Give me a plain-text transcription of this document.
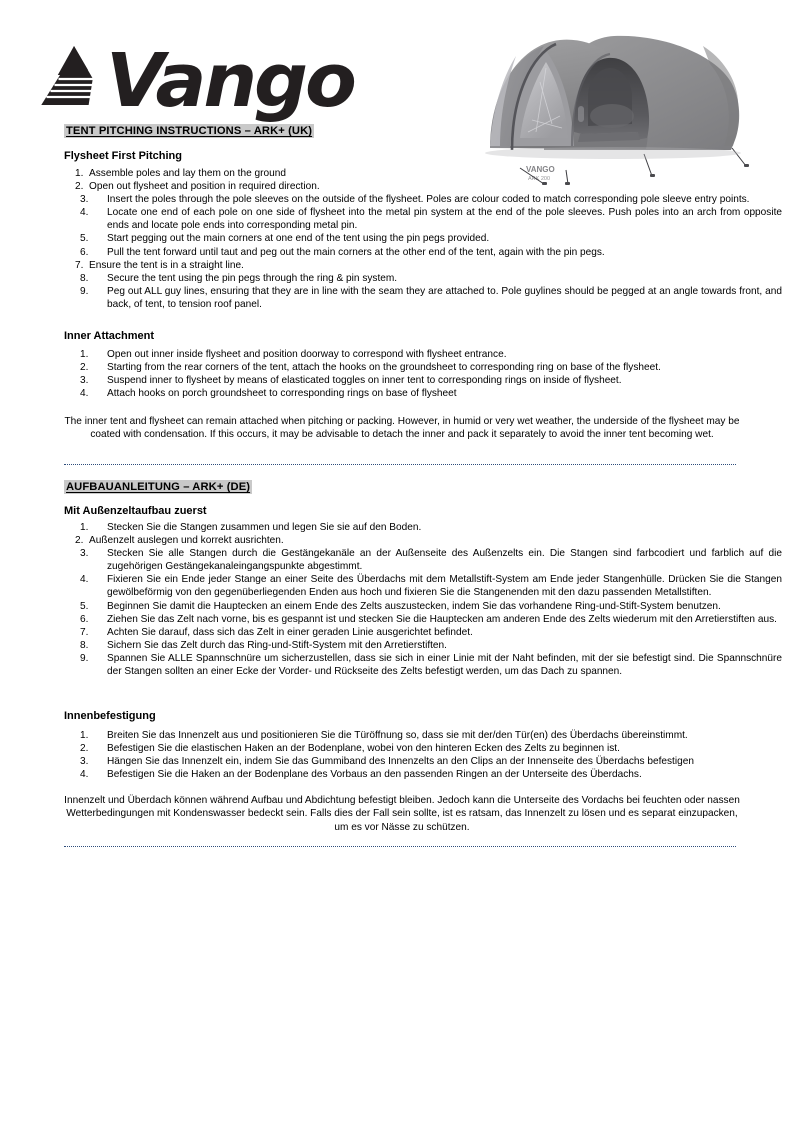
Vango
VANGO
ARK 200
TENT PITCHING INSTRUCTIONS – ARK+ (UK)
Flysheet First Pitching
1. Assemble poles and lay them on the ground
2. Open out flysheet and position in required direction.
3.	Insert the poles through the pole sleeves on the outside of the flysheet. Poles are colour coded to match corresponding pole sleeve entry points.
4.	Locate one end of each pole on one side of flysheet into the metal pin system at the end of the pole sleeves. Push poles into an arch from opposite ends and locate pole ends into corresponding metal pin.
5.	Start pegging out the main corners at one end of the tent using the pin pegs provided.
6.	Pull the tent forward until taut and peg out the main corners at the other end of the tent, again with the pin pegs.
7. Ensure the tent is in a straight line.
8.	Secure the tent using the pin pegs through the ring & pin system.
9.	Peg out ALL guy lines, ensuring that they are in line with the seam they are attached to. Pole guylines should be pegged at an angle towards front, and back, of tent, to tension roof panel.
Inner Attachment
1.	Open out inner inside flysheet and position doorway to correspond with flysheet entrance.
2.	Starting from the rear corners of the tent, attach the hooks on the groundsheet to corresponding ring on base of the flysheet.
3.	Suspend inner to flysheet by means of elasticated toggles on inner tent to corresponding rings on inside of flysheet.
4.	Attach hooks on porch groundsheet to corresponding rings on base of flysheet
The inner tent and flysheet can remain attached when pitching or packing. However, in humid or very wet weather, the underside of the flysheet may be coated with condensation. If this occurs, it may be advisable to detach the inner and pack it separately to avoid the inner tent becoming wet.
AUFBAUANLEITUNG – ARK+ (DE)
Mit Außenzeltaufbau zuerst
1.	Stecken Sie die Stangen zusammen und legen Sie sie auf den Boden.
2. Außenzelt auslegen und korrekt ausrichten.
3.	Stecken Sie alle Stangen durch die Gestängekanäle an der Außenseite des Außenzelts ein. Die Stangen sind farbcodiert und farblich auf die zugehörigen Gestängekanaleingangspunkte abgestimmt.
4.	Fixieren Sie ein Ende jeder Stange an einer Seite des Überdachs mit dem Metallstift-System am Ende jeder Stangenhülle. Drücken Sie die Stangen gewölbeförmig von den gegenüberliegenden Enden aus hoch und fixieren Sie die Stangenenden mit den dazu passenden Metallstiften.
5.	Beginnen Sie damit die Hauptecken an einem Ende des Zelts auszustecken, indem Sie das vorhandene Ring-und-Stift-System benutzen.
6.	Ziehen Sie das Zelt nach vorne, bis es gespannt ist und stecken Sie die Hauptecken am anderen Ende des Zelts wiederum mit den Arretierstiften aus.
7.	Achten Sie darauf, dass sich das Zelt in einer geraden Linie ausgerichtet befindet.
8.	Sichern Sie das Zelt durch das Ring-und-Stift-System mit den Arretierstiften.
9.	Spannen Sie ALLE Spannschnüre um sicherzustellen, dass sie sich in einer Linie mit der Naht befinden, mit der sie befestigt sind. Die Spannschnüre der Stangen sollten an einer Ecke der Vorder- und Rückseite des Zelts befestigt werden, um das Dach zu spannen.
Innenbefestigung
1.	Breiten Sie das Innenzelt aus und positionieren Sie die Türöffnung so, dass sie mit der/den Tür(en) des Überdachs übereinstimmt.
2.	Befestigen Sie die elastischen Haken an der Bodenplane, wobei von den hinteren Ecken des Zelts zu beginnen ist.
3.	Hängen Sie das Innenzelt ein, indem Sie das Gummiband des Innenzelts an den Clips an der Innenseite des Überdachs befestigen
4.	Befestigen Sie die Haken an der Bodenplane des Vorbaus an den passenden Ringen an der Unterseite des Überdachs.
Innenzelt und Überdach können während Aufbau und Abdichtung befestigt bleiben. Jedoch kann die Unterseite des Vordachs bei feuchten oder nassen Wetterbedingungen mit Kondenswasser bedeckt sein. Falls dies der Fall sein sollte, ist es ratsam, das Innenzelt zu lösen und es separat einzupacken, um es vor Nässe zu schützen.
